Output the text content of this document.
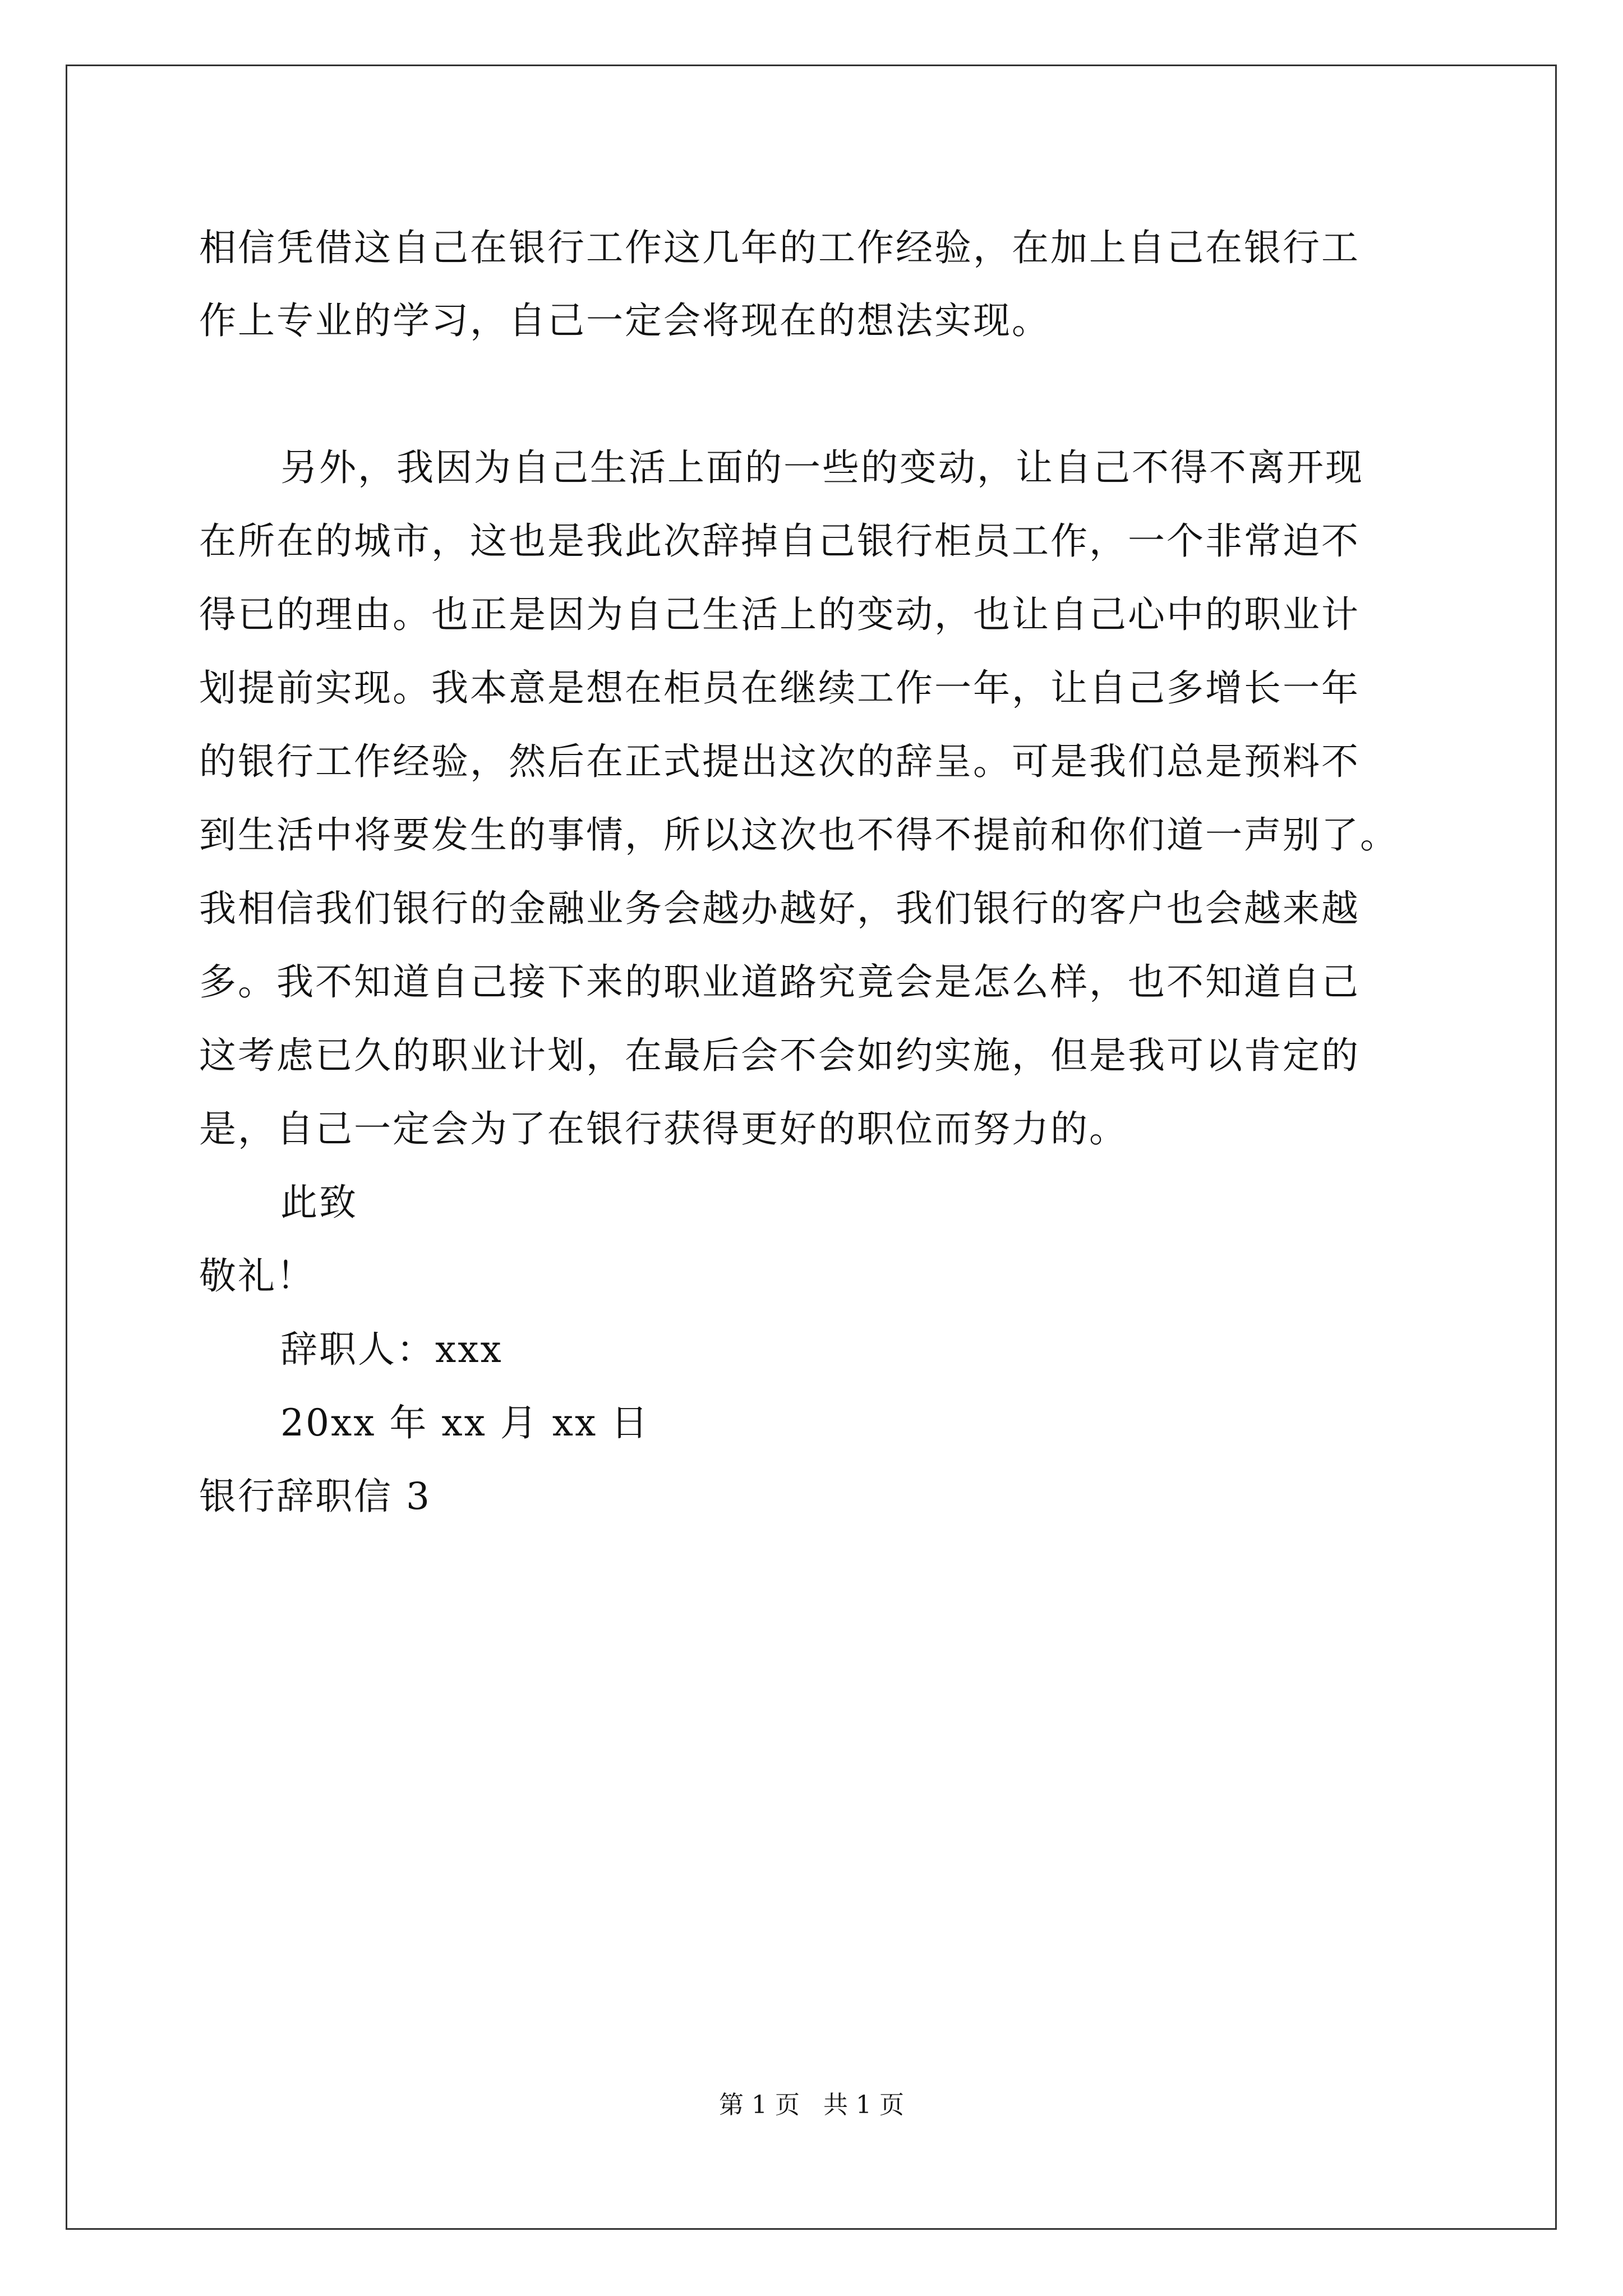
相信凭借这自己在银行工作这几年的工作经验，在加上自己在银行工
作上专业的学习，自己一定会将现在的想法实现。
另外，我因为自己生活上面的一些的变动，让自己不得不离开现
在所在的城市，这也是我此次辞掉自己银行柜员工作，一个非常迫不
得已的理由。也正是因为自己生活上的变动，也让自己心中的职业计
划提前实现。我本意是想在柜员在继续工作一年，让自己多增长一年
的银行工作经验，然后在正式提出这次的辞呈。可是我们总是预料不
到生活中将要发生的事情，所以这次也不得不提前和你们道一声别了。
我相信我们银行的金融业务会越办越好，我们银行的客户也会越来越
多。我不知道自己接下来的职业道路究竟会是怎么样，也不知道自己
这考虑已久的职业计划，在最后会不会如约实施，但是我可以肯定的
是，自己一定会为了在银行获得更好的职位而努力的。
此致
敬礼！
辞职人：xxx
20xx 年 xx 月 xx 日
银行辞职信 3
第 1 页   共 1 页
